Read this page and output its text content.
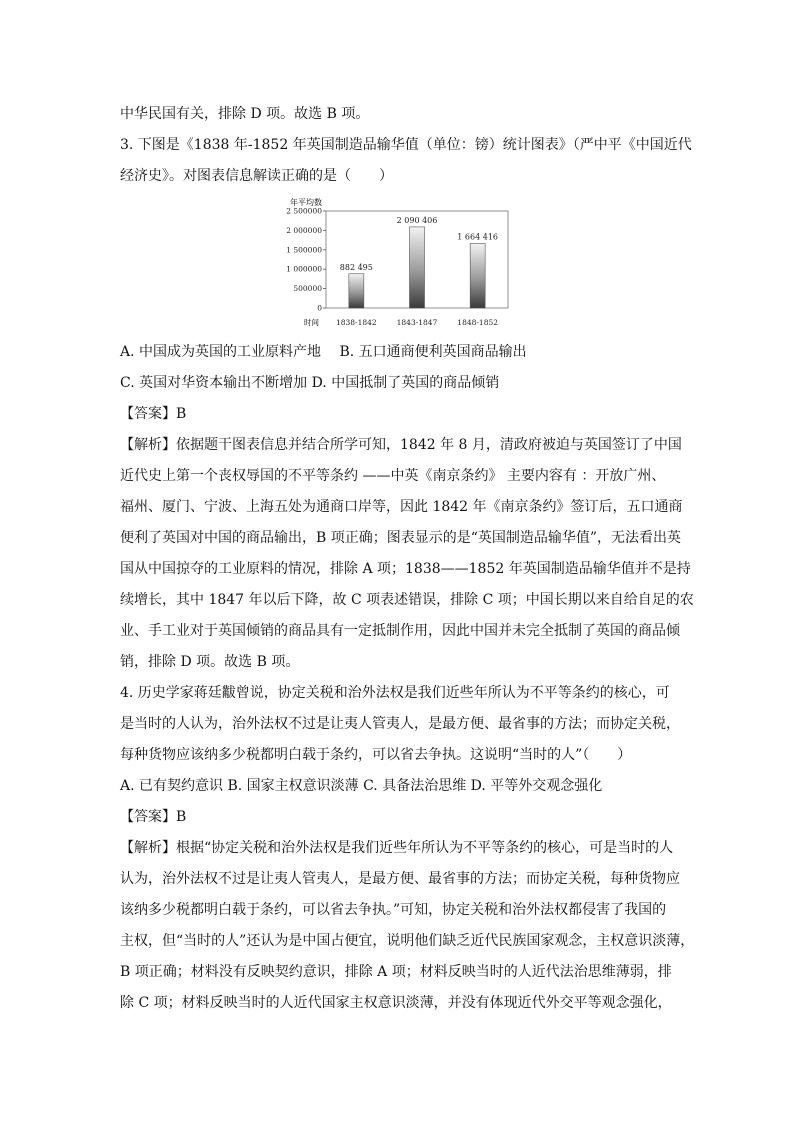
中华民国有关，排除 D 项。故选 B 项。
3. 下图是《1838 年-1852 年英国制造品输华值（单位：镑）统计图表》（严中平《中国近代
经济史》。对图表信息解读正确的是（　　）
A. 中国成为英国的工业原料产地　 B. 五口通商便利英国商品输出
C. 英国对华资本输出不断增加 D. 中国抵制了英国的商品倾销
【答案】B
【解析】依据题干图表信息并结合所学可知，1842 年 8 月，清政府被迫与英国签订了中国
近代史上第一个丧权辱国的不平等条约 ——中英《南京条约》 主要内容有 ：开放广州、
福州、厦门、宁波、上海五处为通商口岸等，因此 1842 年《南京条约》签订后，五口通商
便利了英国对中国的商品输出，B 项正确；图表显示的是“英国制造品输华值”，无法看出英
国从中国掠夺的工业原料的情况，排除 A 项；1838——1852 年英国制造品输华值并不是持
续增长，其中 1847 年以后下降，故 C 项表述错误，排除 C 项；中国长期以来自给自足的农
业、手工业对于英国倾销的商品具有一定抵制作用，因此中国并未完全抵制了英国的商品倾
销，排除 D 项。故选 B 项。
4. 历史学家蒋廷黻曾说，协定关税和治外法权是我们近些年所认为不平等条约的核心，可
是当时的人认为，治外法权不过是让夷人管夷人，是最方便、最省事的方法；而协定关税，
每种货物应该纳多少税都明白载于条约，可以省去争执。这说明“当时的人”（　　）
A. 已有契约意识 B. 国家主权意识淡薄 C. 具备法治思维 D. 平等外交观念强化
【答案】B
【解析】根据“协定关税和治外法权是我们近些年所认为不平等条约的核心，可是当时的人
认为，治外法权不过是让夷人管夷人，是最方便、最省事的方法；而协定关税，每种货物应
该纳多少税都明白载于条约，可以省去争执。”可知，协定关税和治外法权都侵害了我国的
主权，但“当时的人”还认为是中国占便宜，说明他们缺乏近代民族国家观念，主权意识淡薄，
B 项正确；材料没有反映契约意识，排除 A 项；材料反映当时的人近代法治思维薄弱，排
除 C 项；材料反映当时的人近代国家主权意识淡薄，并没有体现近代外交平等观念强化，
年平均数
时间
0
500000
1 000000
1 500000
2 000000
2 500000
882 495
1838-1842
2 090 406
1843-1847
1 664 416
1848-1852
